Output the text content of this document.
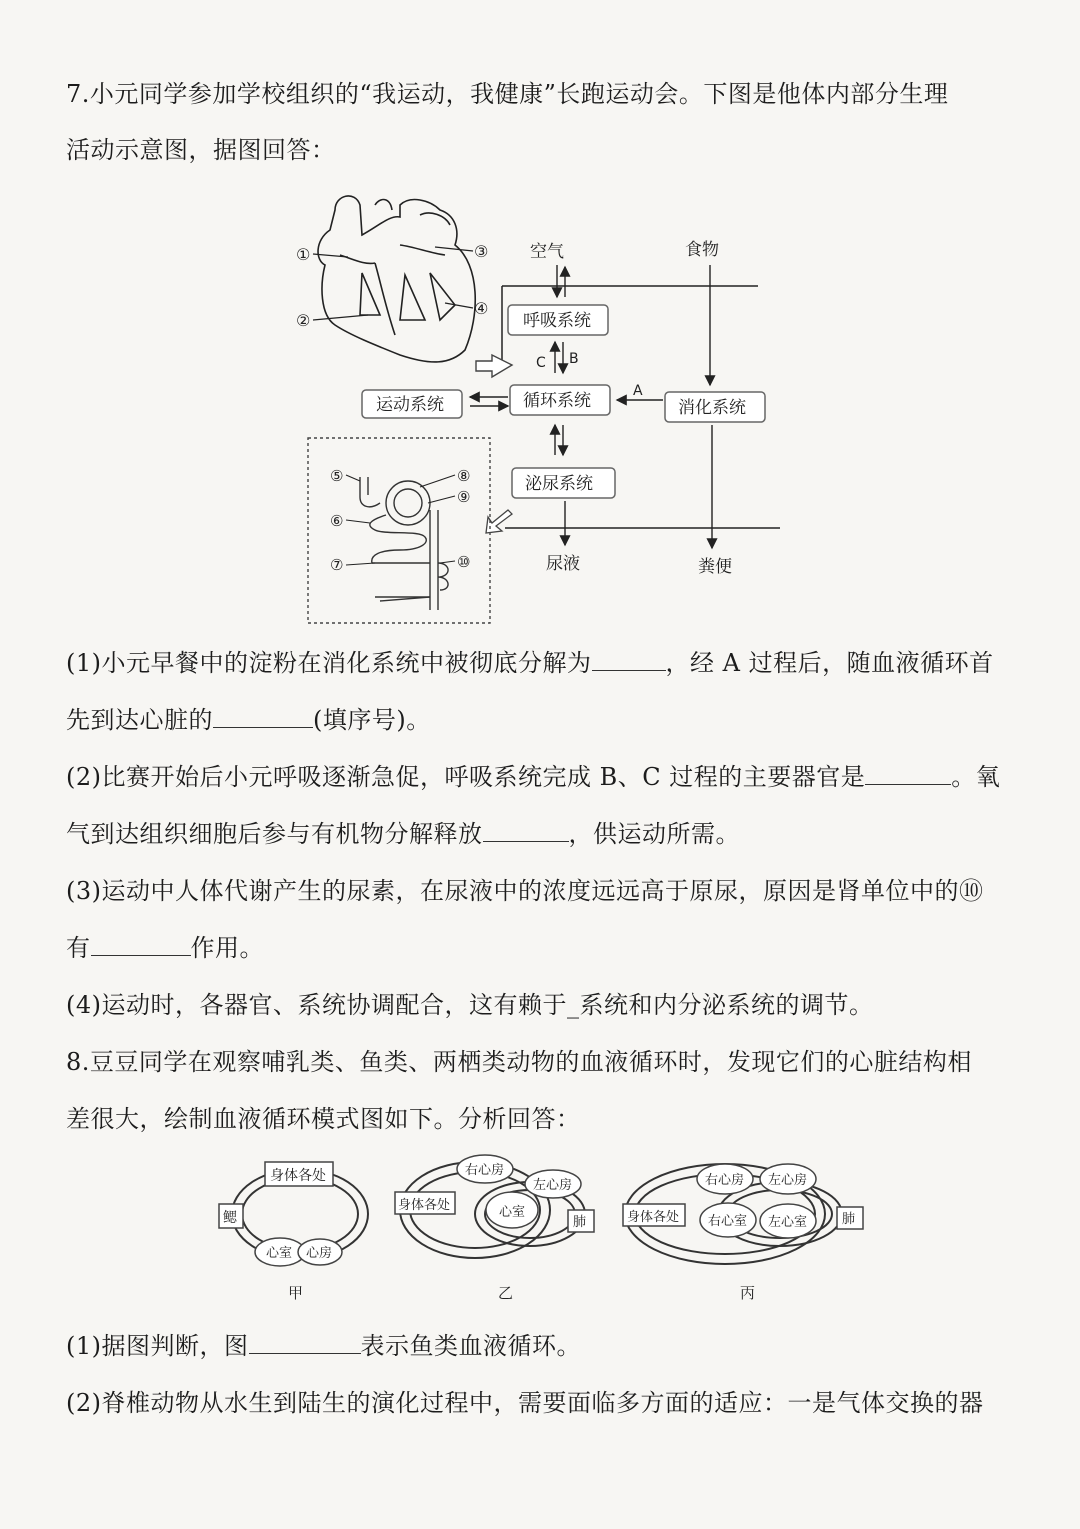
7.小元同学参加学校组织的“我运动，我健康”长跑运动会。下图是他体内部分生理
活动示意图，据图回答：
①
②
③
④
空气	食物
呼吸系统
C B
循环系统
运动系统	消化系统
A
泌尿系统
尿液	粪便
⑤
⑥
⑦
⑧
⑨
⑩
(1)小元早餐中的淀粉在消化系统中被彻底分解为	，经 A 过程后，随血液循环首
先到达心脏的	(填序号)。
(2)比赛开始后小元呼吸逐渐急促，呼吸系统完成 B、C 过程的主要器官是	。氧
气到达组织细胞后参与有机物分解释放	，供运动所需。
(3)运动中人体代谢产生的尿素，在尿液中的浓度远远高于原尿，原因是肾单位中的⑩
有	作用。
(4)运动时，各器官、系统协调配合，这有赖于_系统和内分泌系统的调节。
8.豆豆同学在观察哺乳类、鱼类、两栖类动物的血液循环时，发现它们的心脏结构相
差很大，绘制血液循环模式图如下。分析回答：
身体各处
鳃
心室 心房
甲
身体各处
右心房
左心房
心室
肺
乙
身体各处
右心房 左心房
右心室 左心室	肺
丙
(1)据图判断，图	表示鱼类血液循环。
(2)脊椎动物从水生到陆生的演化过程中，需要面临多方面的适应：一是气体交换的器
